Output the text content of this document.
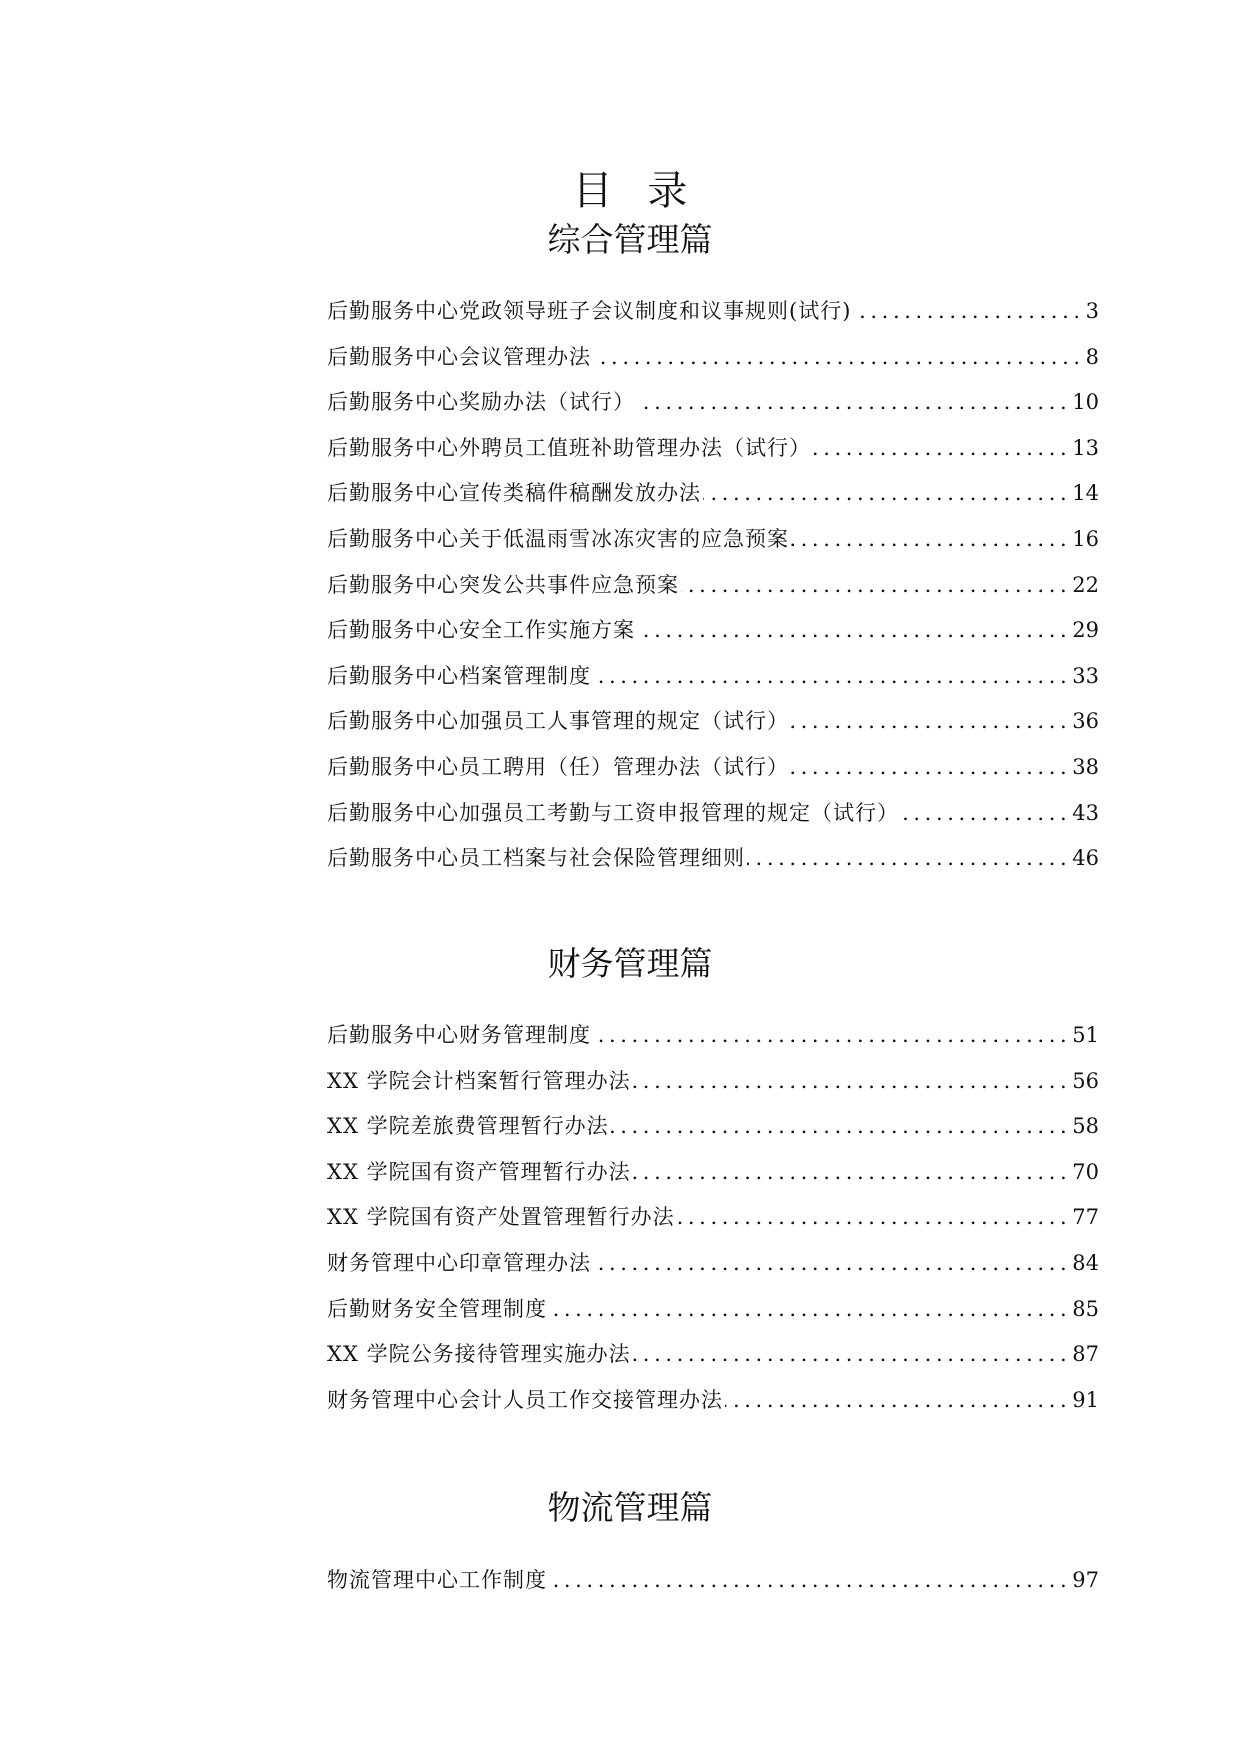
目 录
综合管理篇
后勤服务中心党政领导班子会议制度和议事规则(试行) .....	3
后勤服务中心会议管理办法 .....	8
后勤服务中心奖励办法（试行） .....	10
后勤服务中心外聘员工值班补助管理办法（试行） .....	13
后勤服务中心宣传类稿件稿酬发放办法 .....	14
后勤服务中心关于低温雨雪冰冻灾害的应急预案 .....	16
后勤服务中心突发公共事件应急预案 .....	22
后勤服务中心安全工作实施方案 .....	29
后勤服务中心档案管理制度 .....	33
后勤服务中心加强员工人事管理的规定（试行） .....	36
后勤服务中心员工聘用（任）管理办法（试行） .....	38
后勤服务中心加强员工考勤与工资申报管理的规定（试行） .....	43
后勤服务中心员工档案与社会保险管理细则 .....	46
财务管理篇
后勤服务中心财务管理制度 .....	51
XX 学院会计档案暂行管理办法 .....	56
XX 学院差旅费管理暂行办法 .....	58
XX 学院国有资产管理暂行办法 .....	70
XX 学院国有资产处置管理暂行办法 .....	77
财务管理中心印章管理办法 .....	84
后勤财务安全管理制度 .....	85
XX 学院公务接待管理实施办法 .....	87
财务管理中心会计人员工作交接管理办法 .....	91
物流管理篇
物流管理中心工作制度 .....	97
